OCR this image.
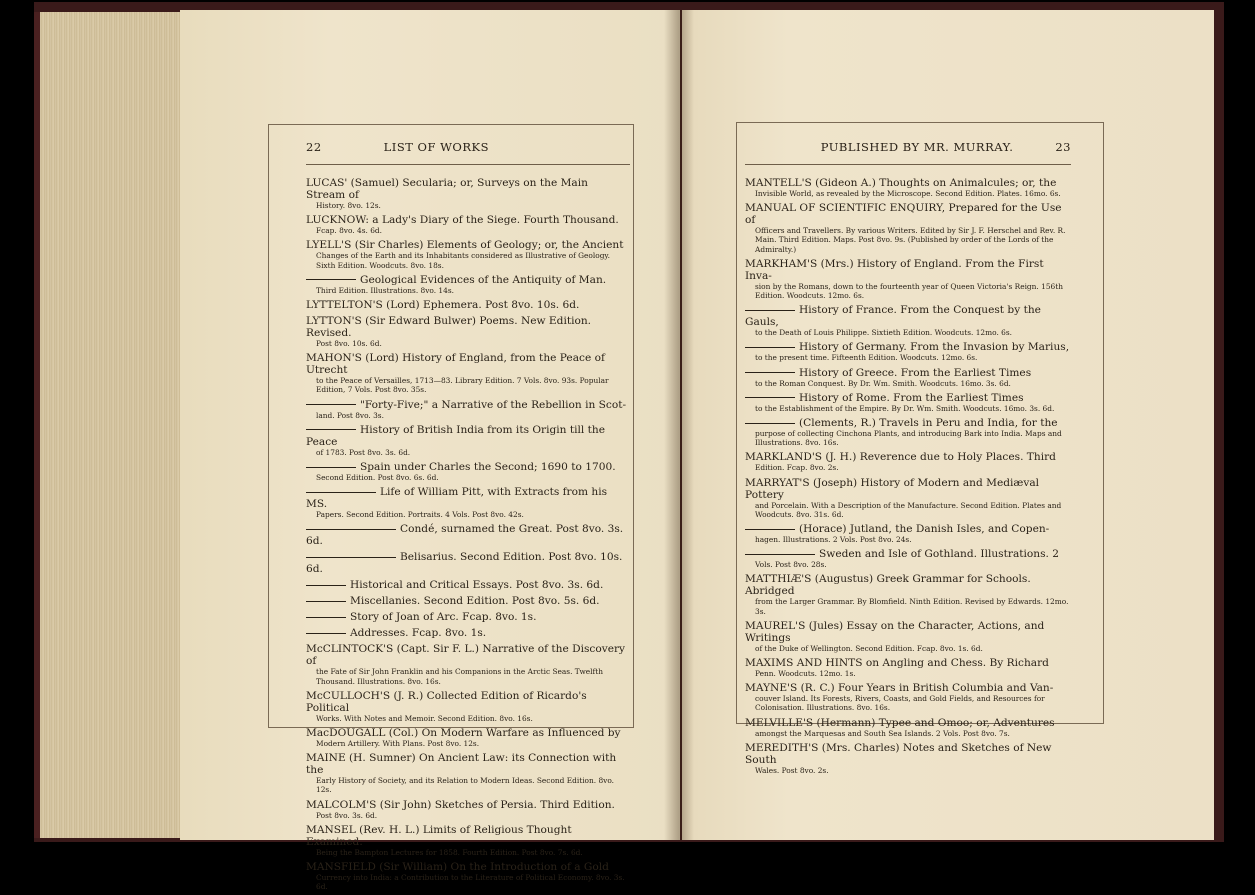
22	LIST OF WORKS
LUCAS' (Samuel) Secularia; or, Surveys on the Main Stream of
History. 8vo. 12s.
LUCKNOW: a Lady's Diary of the Siege. Fourth Thousand.
Fcap. 8vo. 4s. 6d.
LYELL'S (Sir Charles) Elements of Geology; or, the Ancient
Changes of the Earth and its Inhabitants considered as Illustrative of Geology. Sixth Edition. Woodcuts. 8vo. 18s.
Geological Evidences of the Antiquity of Man.
Third Edition. Illustrations. 8vo. 14s.
LYTTELTON'S (Lord) Ephemera. Post 8vo. 10s. 6d.
LYTTON'S (Sir Edward Bulwer) Poems. New Edition. Revised.
Post 8vo. 10s. 6d.
MAHON'S (Lord) History of England, from the Peace of Utrecht
to the Peace of Versailles, 1713—83. Library Edition. 7 Vols. 8vo. 93s. Popular Edition, 7 Vols. Post 8vo. 35s.
"Forty-Five;" a Narrative of the Rebellion in Scot-
land. Post 8vo. 3s.
History of British India from its Origin till the Peace
of 1783. Post 8vo. 3s. 6d.
Spain under Charles the Second; 1690 to 1700.
Second Edition. Post 8vo. 6s. 6d.
Life of William Pitt, with Extracts from his MS.
Papers. Second Edition. Portraits. 4 Vols. Post 8vo. 42s.
Condé, surnamed the Great. Post 8vo. 3s. 6d.
Belisarius. Second Edition. Post 8vo. 10s. 6d.
Historical and Critical Essays. Post 8vo. 3s. 6d.
Miscellanies. Second Edition. Post 8vo. 5s. 6d.
Story of Joan of Arc. Fcap. 8vo. 1s.
Addresses. Fcap. 8vo. 1s.
McCLINTOCK'S (Capt. Sir F. L.) Narrative of the Discovery of
the Fate of Sir John Franklin and his Companions in the Arctic Seas. Twelfth Thousand. Illustrations. 8vo. 16s.
McCULLOCH'S (J. R.) Collected Edition of Ricardo's Political
Works. With Notes and Memoir. Second Edition. 8vo. 16s.
MacDOUGALL (Col.) On Modern Warfare as Influenced by
Modern Artillery. With Plans. Post 8vo. 12s.
MAINE (H. Sumner) On Ancient Law: its Connection with the
Early History of Society, and its Relation to Modern Ideas. Second Edition. 8vo. 12s.
MALCOLM'S (Sir John) Sketches of Persia. Third Edition.
Post 8vo. 3s. 6d.
MANSEL (Rev. H. L.) Limits of Religious Thought Examined.
Being the Bampton Lectures for 1858. Fourth Edition. Post 8vo. 7s. 6d.
MANSFIELD (Sir William) On the Introduction of a Gold
Currency into India: a Contribution to the Literature of Political Economy. 8vo. 3s. 6d.
PUBLISHED BY MR. MURRAY.	23
MANTELL'S (Gideon A.) Thoughts on Animalcules; or, the
Invisible World, as revealed by the Microscope. Second Edition. Plates. 16mo. 6s.
MANUAL OF SCIENTIFIC ENQUIRY, Prepared for the Use of
Officers and Travellers. By various Writers. Edited by Sir J. F. Herschel and Rev. R. Main. Third Edition. Maps. Post 8vo. 9s. (Published by order of the Lords of the Admiralty.)
MARKHAM'S (Mrs.) History of England. From the First Inva-
sion by the Romans, down to the fourteenth year of Queen Victoria's Reign. 156th Edition. Woodcuts. 12mo. 6s.
History of France. From the Conquest by the Gauls,
to the Death of Louis Philippe. Sixtieth Edition. Woodcuts. 12mo. 6s.
History of Germany. From the Invasion by Marius,
to the present time. Fifteenth Edition. Woodcuts. 12mo. 6s.
History of Greece. From the Earliest Times
to the Roman Conquest. By Dr. Wm. Smith. Woodcuts. 16mo. 3s. 6d.
History of Rome. From the Earliest Times
to the Establishment of the Empire. By Dr. Wm. Smith. Woodcuts. 16mo. 3s. 6d.
(Clements, R.) Travels in Peru and India, for the
purpose of collecting Cinchona Plants, and introducing Bark into India. Maps and Illustrations. 8vo. 16s.
MARKLAND'S (J. H.) Reverence due to Holy Places. Third
Edition. Fcap. 8vo. 2s.
MARRYAT'S (Joseph) History of Modern and Mediæval Pottery
and Porcelain. With a Description of the Manufacture. Second Edition. Plates and Woodcuts. 8vo. 31s. 6d.
(Horace) Jutland, the Danish Isles, and Copen-
hagen. Illustrations. 2 Vols. Post 8vo. 24s.
Sweden and Isle of Gothland. Illustrations. 2
Vols. Post 8vo. 28s.
MATTHIÆ'S (Augustus) Greek Grammar for Schools. Abridged
from the Larger Grammar. By Blomfield. Ninth Edition. Revised by Edwards. 12mo. 3s.
MAUREL'S (Jules) Essay on the Character, Actions, and Writings
of the Duke of Wellington. Second Edition. Fcap. 8vo. 1s. 6d.
MAXIMS AND HINTS on Angling and Chess. By Richard
Penn. Woodcuts. 12mo. 1s.
MAYNE'S (R. C.) Four Years in British Columbia and Van-
couver Island. Its Forests, Rivers, Coasts, and Gold Fields, and Resources for Colonisation. Illustrations. 8vo. 16s.
MELVILLE'S (Hermann) Typee and Omoo; or, Adventures
amongst the Marquesas and South Sea Islands. 2 Vols. Post 8vo. 7s.
MEREDITH'S (Mrs. Charles) Notes and Sketches of New South
Wales. Post 8vo. 2s.
